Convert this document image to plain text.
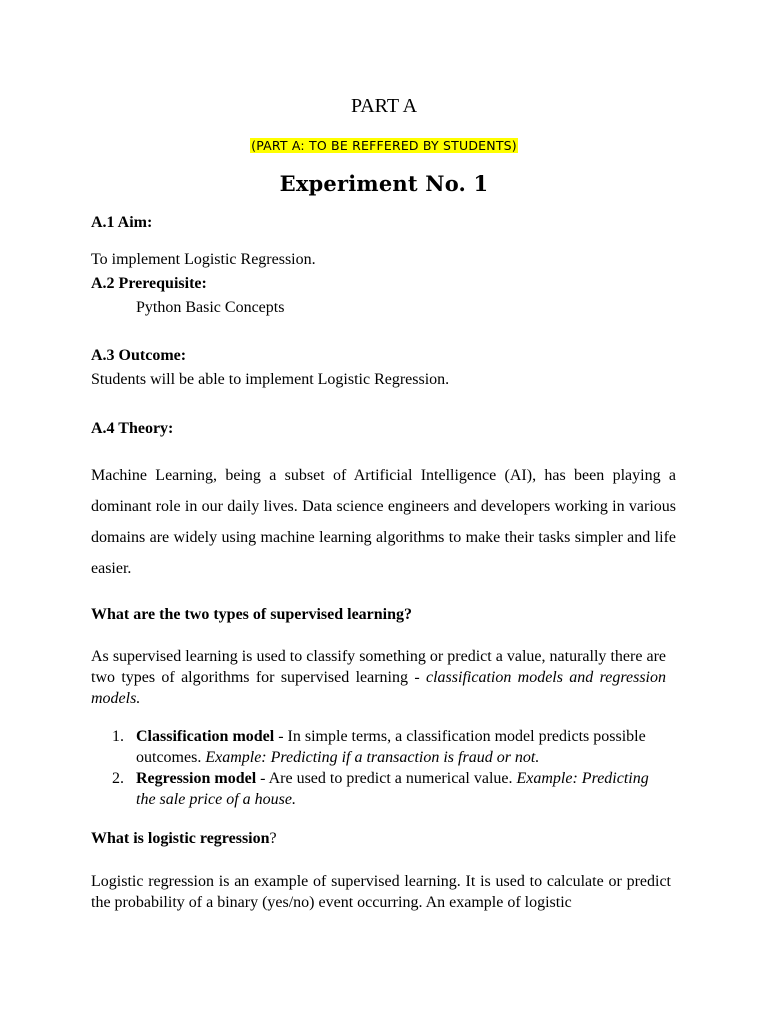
PART A
(PART A: TO BE REFFERED BY STUDENTS)
Experiment No. 1
A.1 Aim:
To implement Logistic Regression.
A.2 Prerequisite:
Python Basic Concepts
A.3 Outcome:
Students will be able to implement Logistic Regression.
A.4 Theory:
Machine Learning, being a subset of Artificial Intelligence (AI), has been playing a dominant role in our daily lives. Data science engineers and developers working in various domains are widely using machine learning algorithms to make their tasks simpler and life easier.
What are the two types of supervised learning?
As supervised learning is used to classify something or predict a value, naturally there are two types of algorithms for supervised learning - classification models and regression models.
1. Classification model - In simple terms, a classification model predicts possible outcomes. Example: Predicting if a transaction is fraud or not.
2. Regression model - Are used to predict a numerical value. Example: Predicting the sale price of a house.
What is logistic regression?
Logistic regression is an example of supervised learning. It is used to calculate or predict the probability of a binary (yes/no) event occurring. An example of logistic
